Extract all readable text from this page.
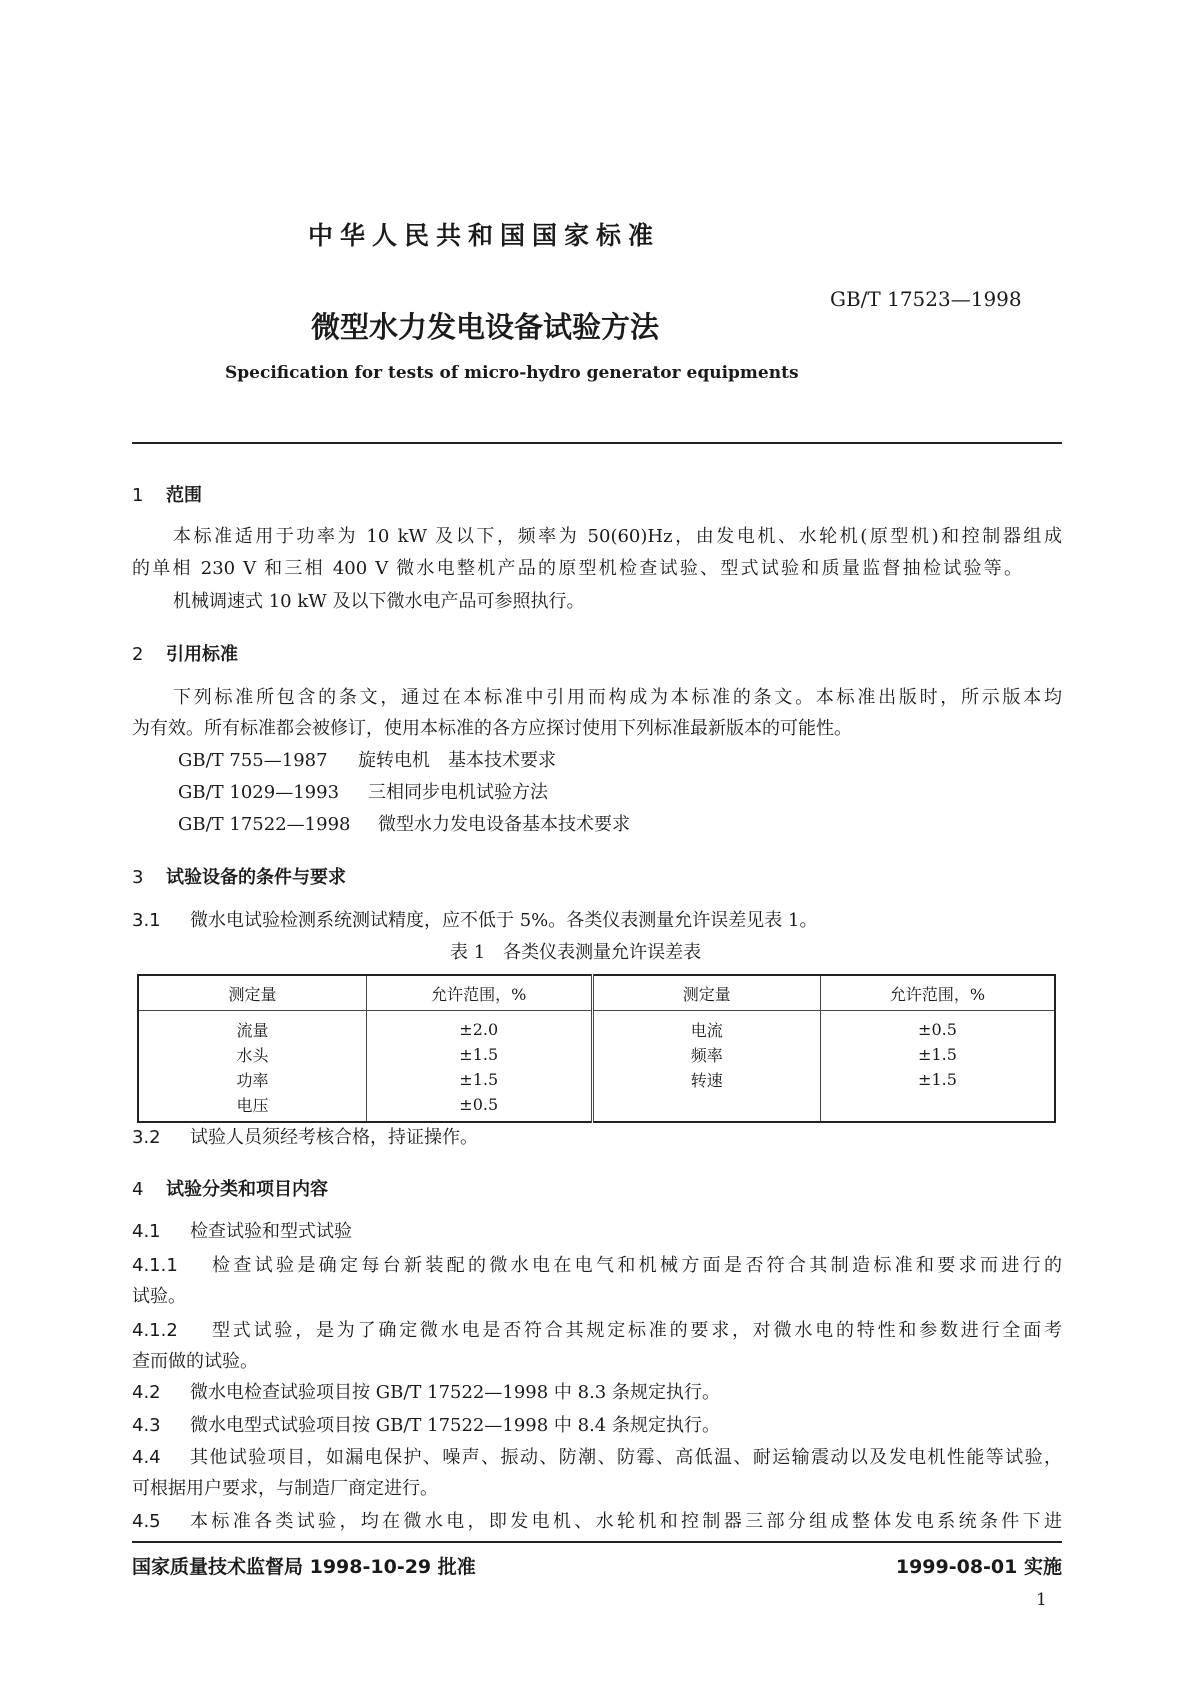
中华人民共和国国家标准
GB/T 17523—1998
微型水力发电设备试验方法
Specification for tests of micro-hydro generator equipments
1 范围
本标准适用于功率为 10 kW 及以下，频率为 50(60)Hz，由发电机、水轮机(原型机)和控制器组成
的单相 230 V 和三相 400 V 微水电整机产品的原型机检查试验、型式试验和质量监督抽检试验等。
机械调速式 10 kW 及以下微水电产品可参照执行。
2 引用标准
下列标准所包含的条文，通过在本标准中引用而构成为本标准的条文。本标准出版时，所示版本均
为有效。所有标准都会被修订，使用本标准的各方应探讨使用下列标准最新版本的可能性。
GB/T 755—1987 旋转电机　基本技术要求
GB/T 1029—1993 三相同步电机试验方法
GB/T 17522—1998 微型水力发电设备基本技术要求
3 试验设备的条件与要求
3.1 微水电试验检测系统测试精度，应不低于 5%。各类仪表测量允许误差见表 1。
表 1　各类仪表测量允许误差表
测定量	允许范围，%	测定量	允许范围，%
流量	±2.0	电流	±0.5
水头	±1.5	频率	±1.5
功率	±1.5	转速	±1.5
电压	±0.5		
3.2 试验人员须经考核合格，持证操作。
4 试验分类和项目内容
4.1 检查试验和型式试验
4.1.1	检查试验是确定每台新装配的微水电在电气和机械方面是否符合其制造标准和要求而进行的
试验。
4.1.2	型式试验，是为了确定微水电是否符合其规定标准的要求，对微水电的特性和参数进行全面考
查而做的试验。
4.2 微水电检查试验项目按 GB/T 17522—1998 中 8.3 条规定执行。
4.3 微水电型式试验项目按 GB/T 17522—1998 中 8.4 条规定执行。
4.4	其他试验项目，如漏电保护、噪声、振动、防潮、防霉、高低温、耐运输震动以及发电机性能等试验，
可根据用户要求，与制造厂商定进行。
4.5	本标准各类试验，均在微水电，即发电机、水轮机和控制器三部分组成整体发电系统条件下进
国家质量技术监督局 1998-10-29 批准	1999-08-01 实施
1
